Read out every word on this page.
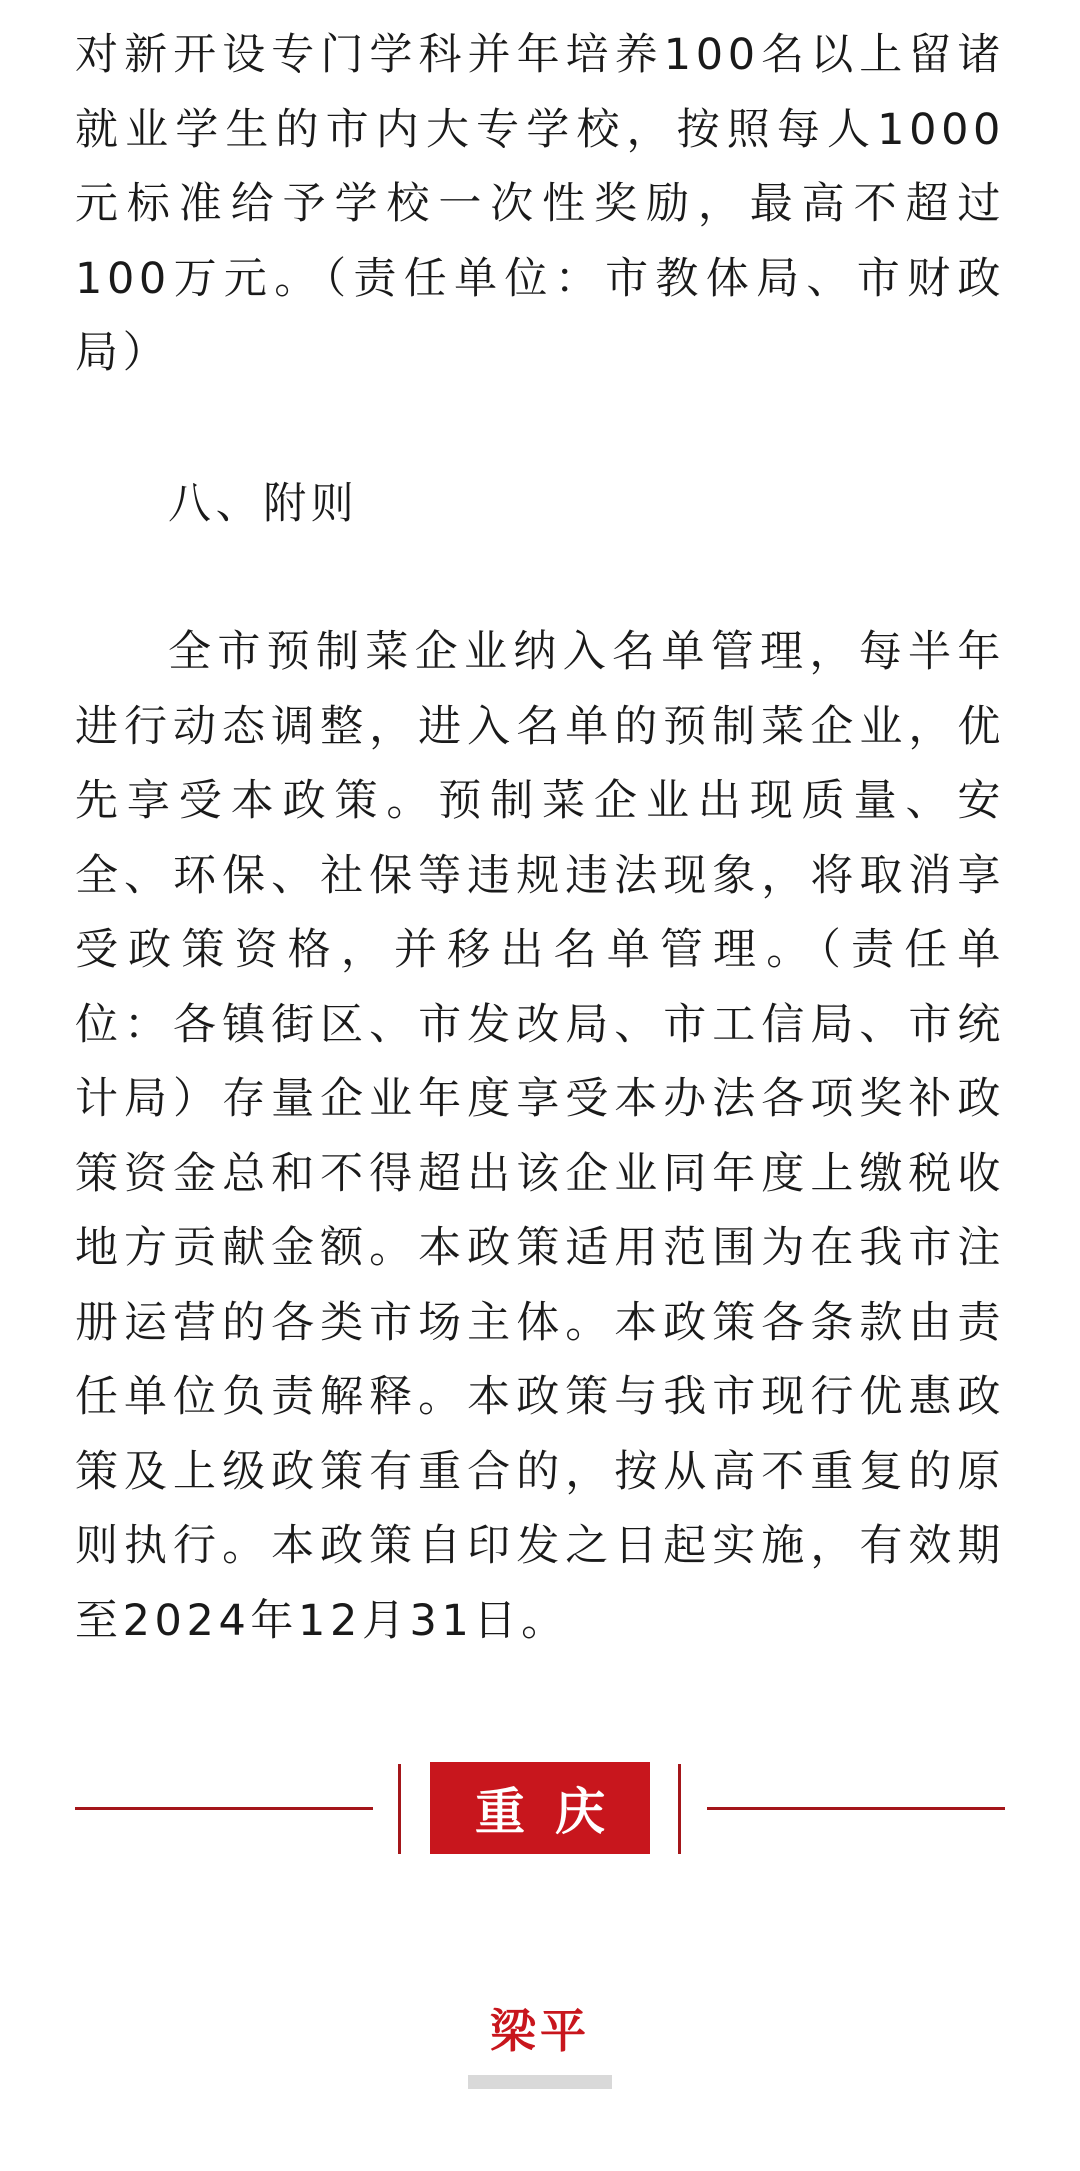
对新开设专门学科并年培养100名以上留诸就业学生的市内大专学校，按照每人1000元标准给予学校一次性奖励，最高不超过100万元。（责任单位：市教体局、市财政局）

八、附则

全市预制菜企业纳入名单管理，每半年进行动态调整，进入名单的预制菜企业，优先享受本政策。预制菜企业出现质量、安全、环保、社保等违规违法现象，将取消享受政策资格，并移出名单管理。（责任单位：各镇街区、市发改局、市工信局、市统计局）存量企业年度享受本办法各项奖补政策资金总和不得超出该企业同年度上缴税收地方贡献金额。本政策适用范围为在我市注册运营的各类市场主体。本政策各条款由责任单位负责解释。本政策与我市现行优惠政策及上级政策有重合的，按从高不重复的原则执行。本政策自印发之日起实施，有效期至2024年12月31日。

重庆
梁平
